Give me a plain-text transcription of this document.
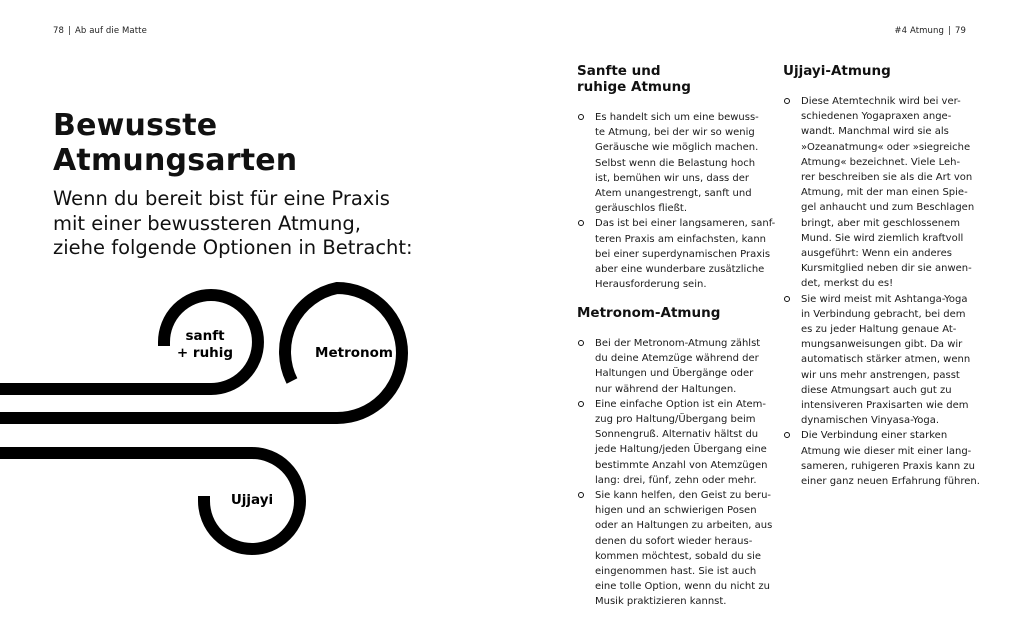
78 | Ab auf die Matte	#4 Atmung | 79
Bewusste
Atmungsarten
Wenn du bereit bist für eine Praxis
mit einer bewussteren Atmung,
ziehe folgende Optionen in Betracht:
sanft
+ ruhig	Metronom
Ujjayi
Sanfte und
ruhige Atmung
Es handelt sich um eine bewuss-
te Atmung, bei der wir so wenig
Geräusche wie möglich machen.
Selbst wenn die Belastung hoch
ist, bemühen wir uns, dass der
Atem unangestrengt, sanft und
geräuschlos fließt.
Das ist bei einer langsameren, sanf-
teren Praxis am einfachsten, kann
bei einer superdynamischen Praxis
aber eine wunderbare zusätzliche
Herausforderung sein.
Metronom-Atmung
Bei der Metronom-Atmung zählst
du deine Atemzüge während der
Haltungen und Übergänge oder
nur während der Haltungen.
Eine einfache Option ist ein Atem-
zug pro Haltung/Übergang beim
Sonnengruß. Alternativ hältst du
jede Haltung/jeden Übergang eine
bestimmte Anzahl von Atemzügen
lang: drei, fünf, zehn oder mehr.
Sie kann helfen, den Geist zu beru-
higen und an schwierigen Posen
oder an Haltungen zu arbeiten, aus
denen du sofort wieder heraus-
kommen möchtest, sobald du sie
eingenommen hast. Sie ist auch
eine tolle Option, wenn du nicht zu
Musik praktizieren kannst.
Ujjayi-Atmung
Diese Atemtechnik wird bei ver-
schiedenen Yogapraxen ange-
wandt. Manchmal wird sie als
»Ozeanatmung« oder »siegreiche
Atmung« bezeichnet. Viele Leh-
rer beschreiben sie als die Art von
Atmung, mit der man einen Spie-
gel anhaucht und zum Beschlagen
bringt, aber mit geschlossenem
Mund. Sie wird ziemlich kraftvoll
ausgeführt: Wenn ein anderes
Kursmitglied neben dir sie anwen-
det, merkst du es!
Sie wird meist mit Ashtanga-Yoga
in Verbindung gebracht, bei dem
es zu jeder Haltung genaue At-
mungsanweisungen gibt. Da wir
automatisch stärker atmen, wenn
wir uns mehr anstrengen, passt
diese Atmungsart auch gut zu
intensiveren Praxisarten wie dem
dynamischen Vinyasa-Yoga.
Die Verbindung einer starken
Atmung wie dieser mit einer lang-
sameren, ruhigeren Praxis kann zu
einer ganz neuen Erfahrung führen.
